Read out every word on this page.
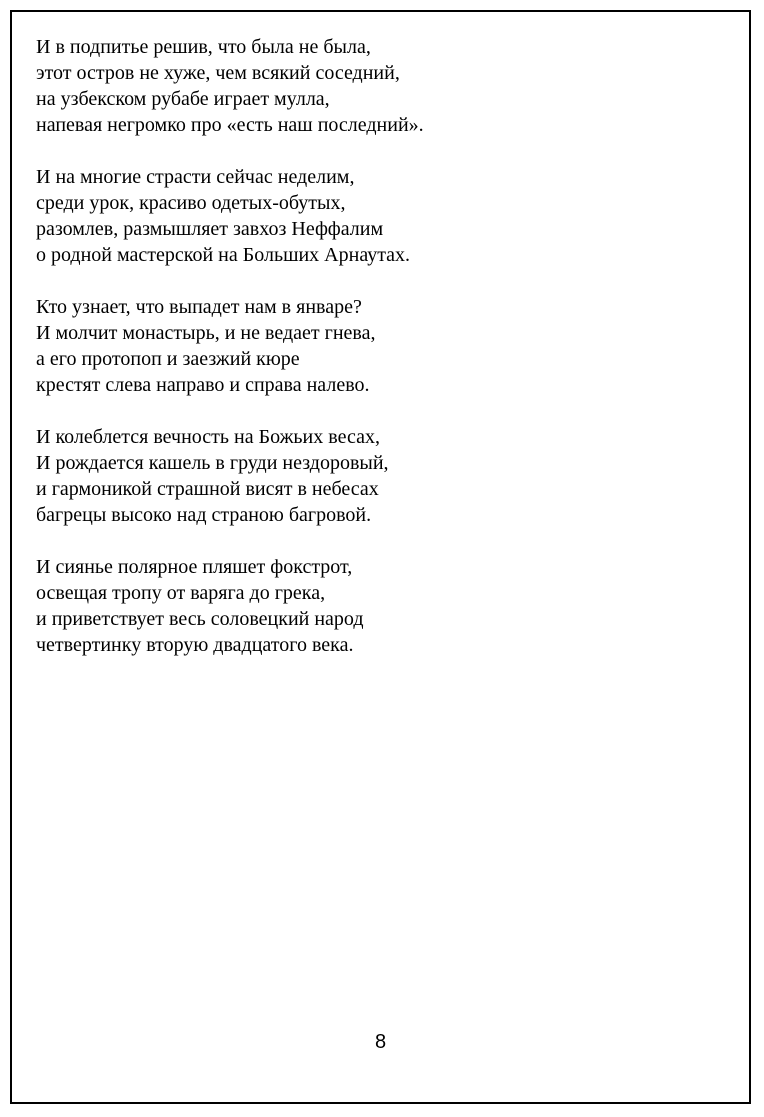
И в подпитье решив, что была не была,
этот остров не хуже, чем всякий соседний,
на узбекском рубабе играет мулла,
напевая негромко про «есть наш последний».
И на многие страсти сейчас неделим,
среди урок, красиво одетых-обутых,
разомлев, размышляет завхоз Неффалим
о родной мастерской на Больших Арнаутах.
Кто узнает, что выпадет нам в январе?
И молчит монастырь, и не ведает гнева,
а его протопоп и заезжий кюре
крестят слева направо и справа налево.
И колеблется вечность на Божьих весах,
И рождается кашель в груди нездоровый,
и гармоникой страшной висят в небесах
багрецы высоко над страною багровой.
И сиянье полярное пляшет фокстрот,
освещая тропу от варяга до грека,
и приветствует весь соловецкий народ
четвертинку вторую двадцатого века.
8
